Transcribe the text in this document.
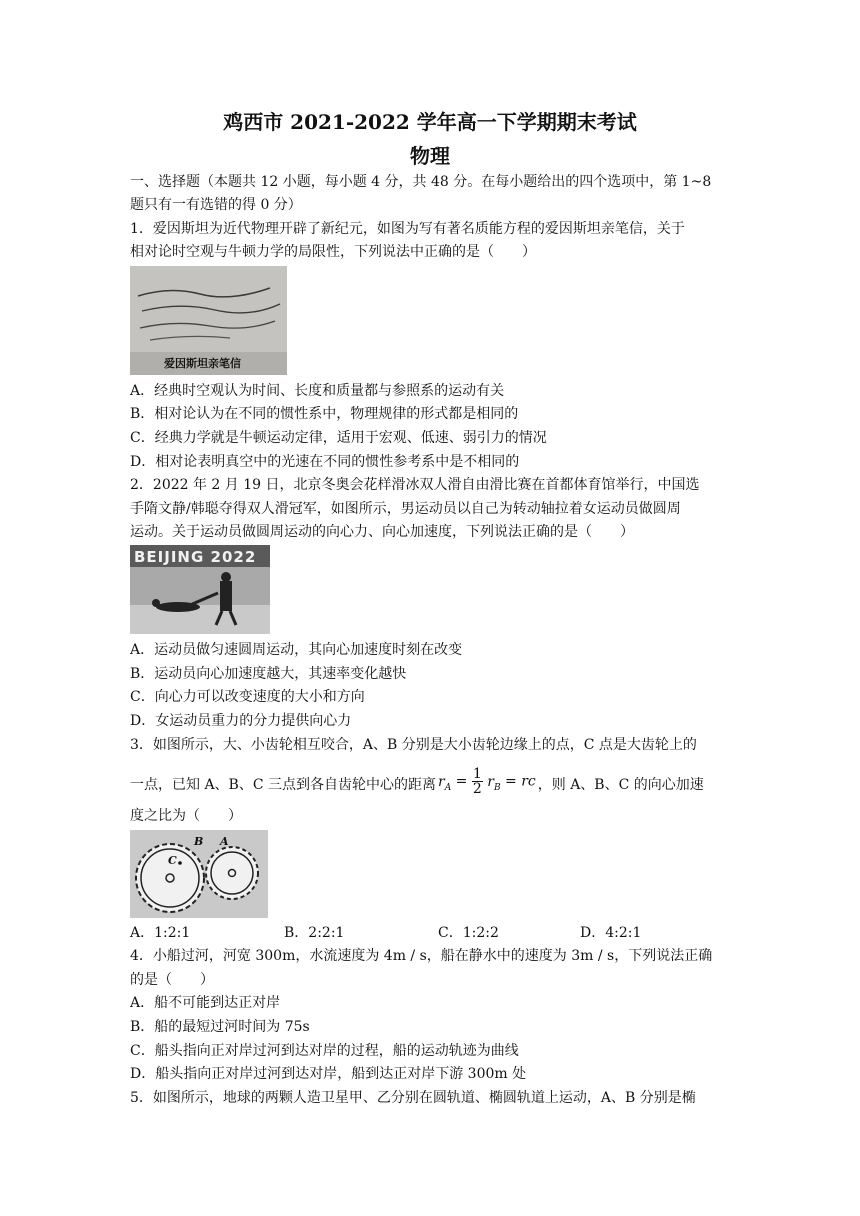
鸡西市 2021-2022 学年高一下学期期末考试
物理
一、选择题（本题共 12 小题，每小题 4 分，共 48 分。在每小题给出的四个选项中，第 1~8
题只有一有选错的得 0 分）
1．爱因斯坦为近代物理开辟了新纪元，如图为写有著名质能方程的爱因斯坦亲笔信，关于
相对论时空观与牛顿力学的局限性，下列说法中正确的是（　　）
爱因斯坦亲笔信
A．经典时空观认为时间、长度和质量都与参照系的运动有关
B．相对论认为在不同的惯性系中，物理规律的形式都是相同的
C．经典力学就是牛顿运动定律，适用于宏观、低速、弱引力的情况
D．相对论表明真空中的光速在不同的惯性参考系中是不相同的
2．2022 年 2 月 19 日，北京冬奥会花样滑冰双人滑自由滑比赛在首都体育馆举行，中国选
手隋文静/韩聪夺得双人滑冠军，如图所示，男运动员以自己为转动轴拉着女运动员做圆周
运动。关于运动员做圆周运动的向心力、向心加速度，下列说法正确的是（　　）
BEIJING 2022
A．运动员做匀速圆周运动，其向心加速度时刻在改变
B．运动员向心加速度越大，其速率变化越快
C．向心力可以改变速度的大小和方向
D．女运动员重力的分力提供向心力
3．如图所示，大、小齿轮相互咬合，A、B 分别是大小齿轮边缘上的点，C 点是大齿轮上的
一点，已知 A、B、C 三点到各自齿轮中心的距离 $r_A = \frac{1}{2} r_B$ = rc ，则 A、B、C 的向心加速
度之比为（　　）
C
B A
A．1:2:1	B．2:2:1	C．1:2:2	D．4:2:1
4．小船过河，河宽 300m，水流速度为 4m / s，船在静水中的速度为 3m / s，下列说法正确
的是（　　）
A．船不可能到达正对岸
B．船的最短过河时间为 75s
C．船头指向正对岸过河到达对岸的过程，船的运动轨迹为曲线
D．船头指向正对岸过河到达对岸，船到达正对岸下游 300m 处
5．如图所示，地球的两颗人造卫星甲、乙分别在圆轨道、椭圆轨道上运动，A、B 分别是椭
